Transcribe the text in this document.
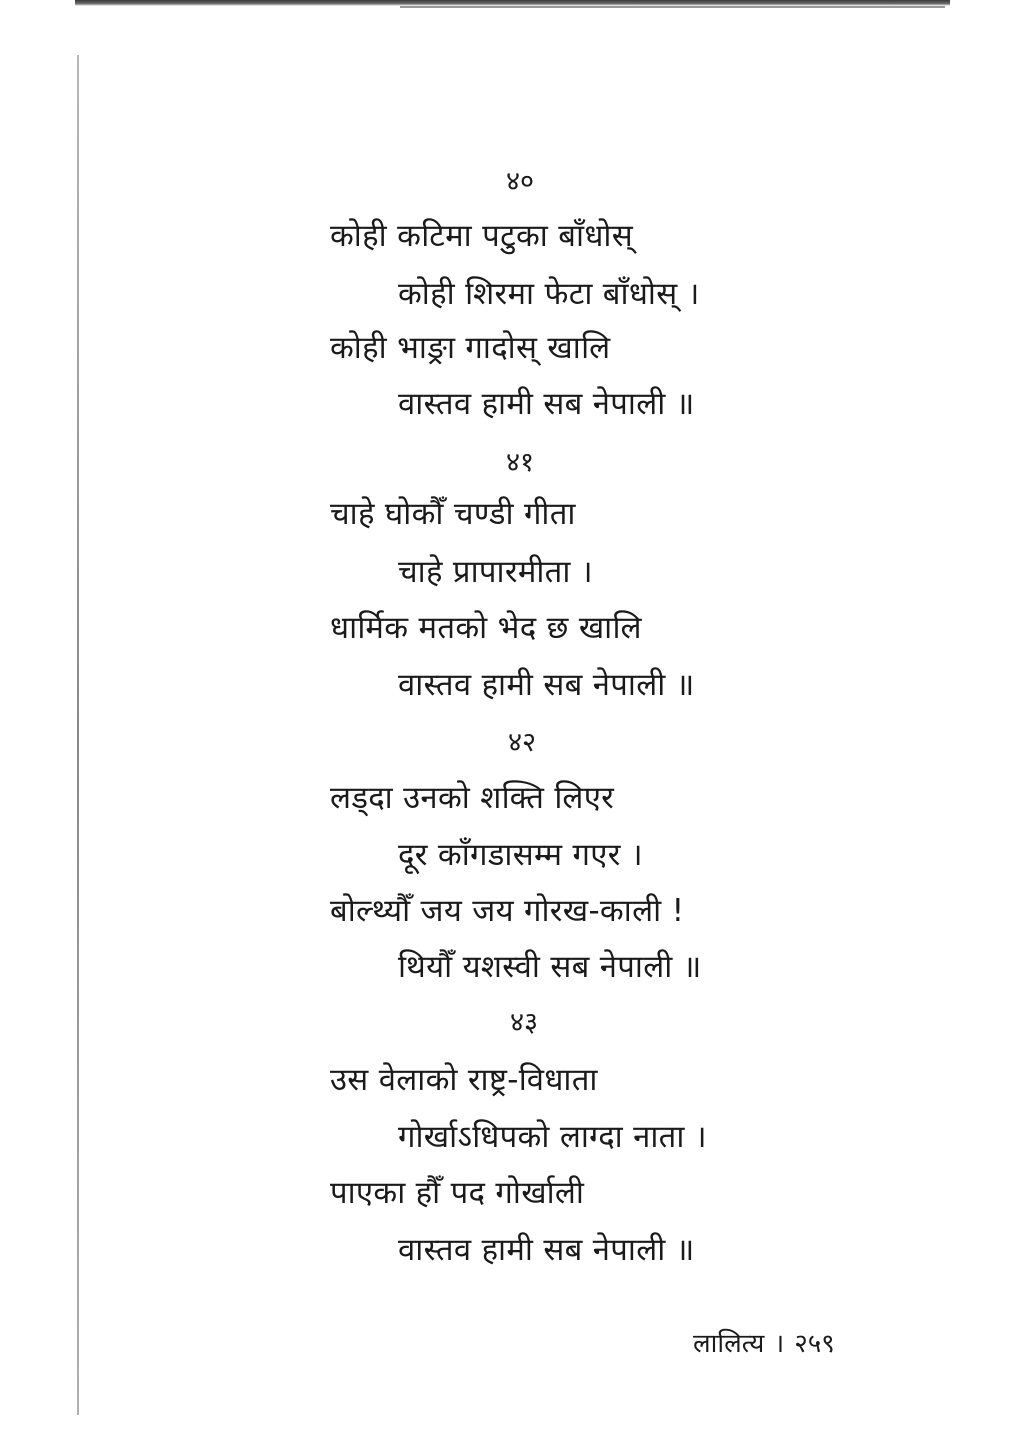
४०
कोही कटिमा पटुका बाँधोस्
कोही शिरमा फेटा बाँधोस् ।
कोही भाङ्रा गादोस् खालि
वास्तव हामी सब नेपाली ॥
४१
चाहे घोकौँ चण्डी गीता
चाहे प्रापारमीता ।
धार्मिक मतको भेद छ खालि
वास्तव हामी सब नेपाली ॥
४२
लड्दा उनको शक्ति लिएर
दूर काँगडासम्म गएर ।
बोल्थ्यौँ जय जय गोरख-काली !
थियौँ यशस्वी सब नेपाली ॥
४३
उस वेलाको राष्ट्र-विधाता
गोर्खाऽधिपको लाग्दा नाता ।
पाएका हौँ पद गोर्खाली
वास्तव हामी सब नेपाली ॥
लालित्य । २५९
